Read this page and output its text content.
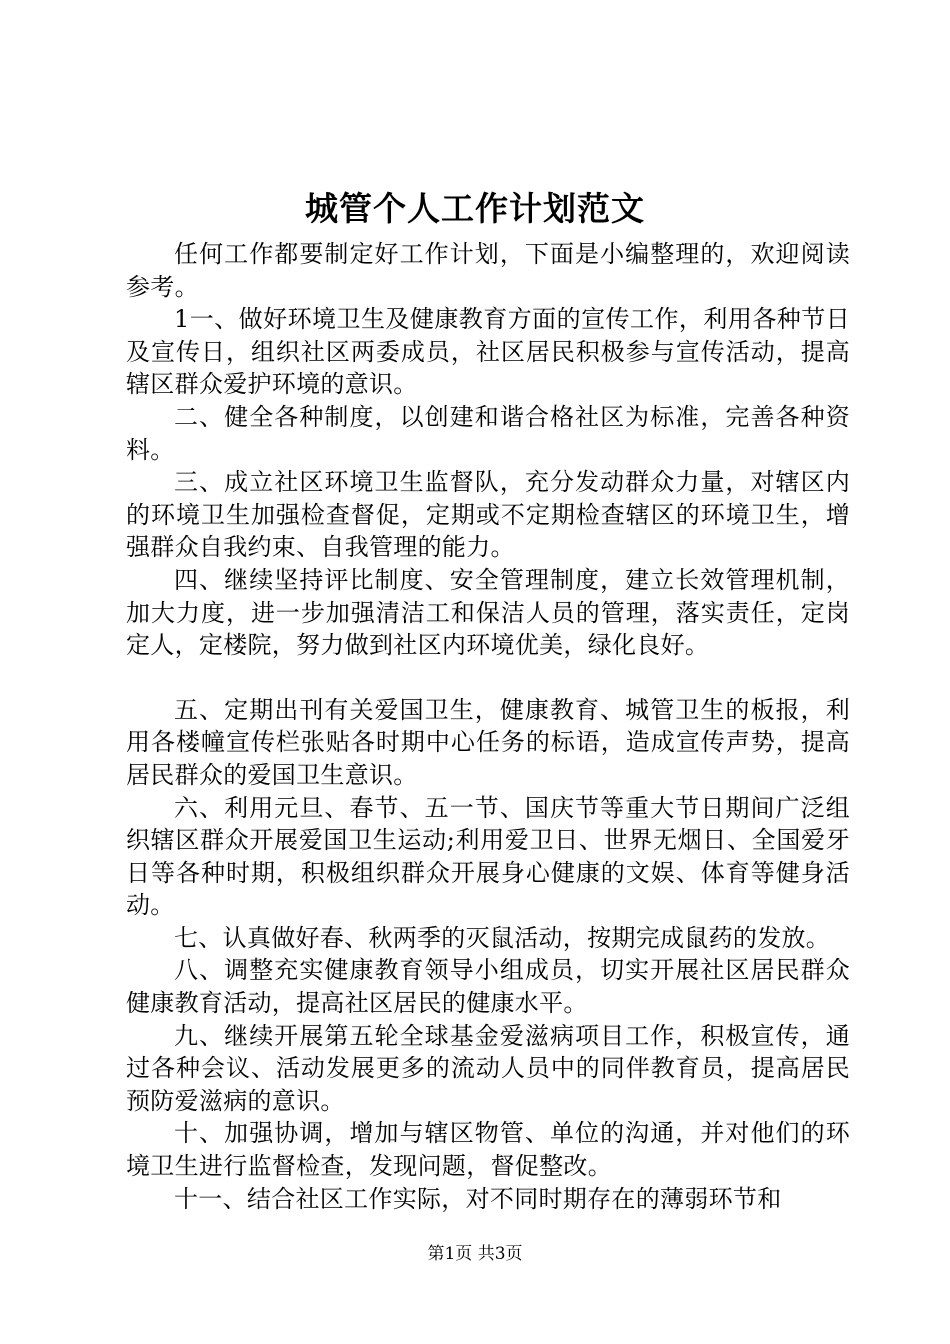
城管个人工作计划范文

任何工作都要制定好工作计划，下面是小编整理的，欢迎阅读参考。

1一、做好环境卫生及健康教育方面的宣传工作，利用各种节日及宣传日，组织社区两委成员，社区居民积极参与宣传活动，提高辖区群众爱护环境的意识。

二、健全各种制度，以创建和谐合格社区为标准，完善各种资料。

三、成立社区环境卫生监督队，充分发动群众力量，对辖区内的环境卫生加强检查督促，定期或不定期检查辖区的环境卫生，增强群众自我约束、自我管理的能力。

四、继续坚持评比制度、安全管理制度，建立长效管理机制，加大力度，进一步加强清洁工和保洁人员的管理，落实责任，定岗定人，定楼院，努力做到社区内环境优美，绿化良好。

五、定期出刊有关爱国卫生，健康教育、城管卫生的板报，利用各楼幢宣传栏张贴各时期中心任务的标语，造成宣传声势，提高居民群众的爱国卫生意识。

六、利用元旦、春节、五一节、国庆节等重大节日期间广泛组织辖区群众开展爱国卫生运动;利用爱卫日、世界无烟日、全国爱牙日等各种时期，积极组织群众开展身心健康的文娱、体育等健身活动。

七、认真做好春、秋两季的灭鼠活动，按期完成鼠药的发放。

八、调整充实健康教育领导小组成员，切实开展社区居民群众健康教育活动，提高社区居民的健康水平。

九、继续开展第五轮全球基金爱滋病项目工作，积极宣传，通过各种会议、活动发展更多的流动人员中的同伴教育员，提高居民预防爱滋病的意识。

十、加强协调，增加与辖区物管、单位的沟通，并对他们的环境卫生进行监督检查，发现问题，督促整改。

十一、结合社区工作实际，对不同时期存在的薄弱环节和

第1页 共3页
